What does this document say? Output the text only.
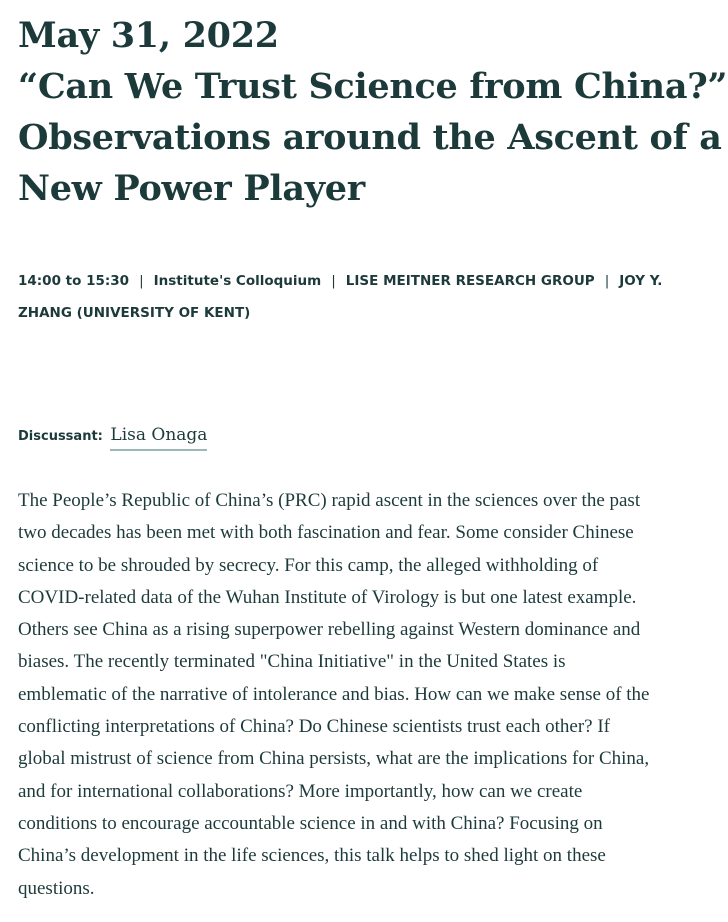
May 31, 2022
“Can We Trust Science from China?”
Observations around the Ascent of a
New Power Player
14:00 to 15:30 | Institute's Colloquium | LISE MEITNER RESEARCH GROUP | JOY Y.
ZHANG (UNIVERSITY OF KENT)
Discussant: Lisa Onaga
The People’s Republic of China’s (PRC) rapid ascent in the sciences over the past
two decades has been met with both fascination and fear. Some consider Chinese
science to be shrouded by secrecy. For this camp, the alleged withholding of
COVID-related data of the Wuhan Institute of Virology is but one latest example.
Others see China as a rising superpower rebelling against Western dominance and
biases. The recently terminated "China Initiative" in the United States is
emblematic of the narrative of intolerance and bias. How can we make sense of the
conflicting interpretations of China? Do Chinese scientists trust each other? If
global mistrust of science from China persists, what are the implications for China,
and for international collaborations? More importantly, how can we create
conditions to encourage accountable science in and with China? Focusing on
China’s development in the life sciences, this talk helps to shed light on these
questions.
